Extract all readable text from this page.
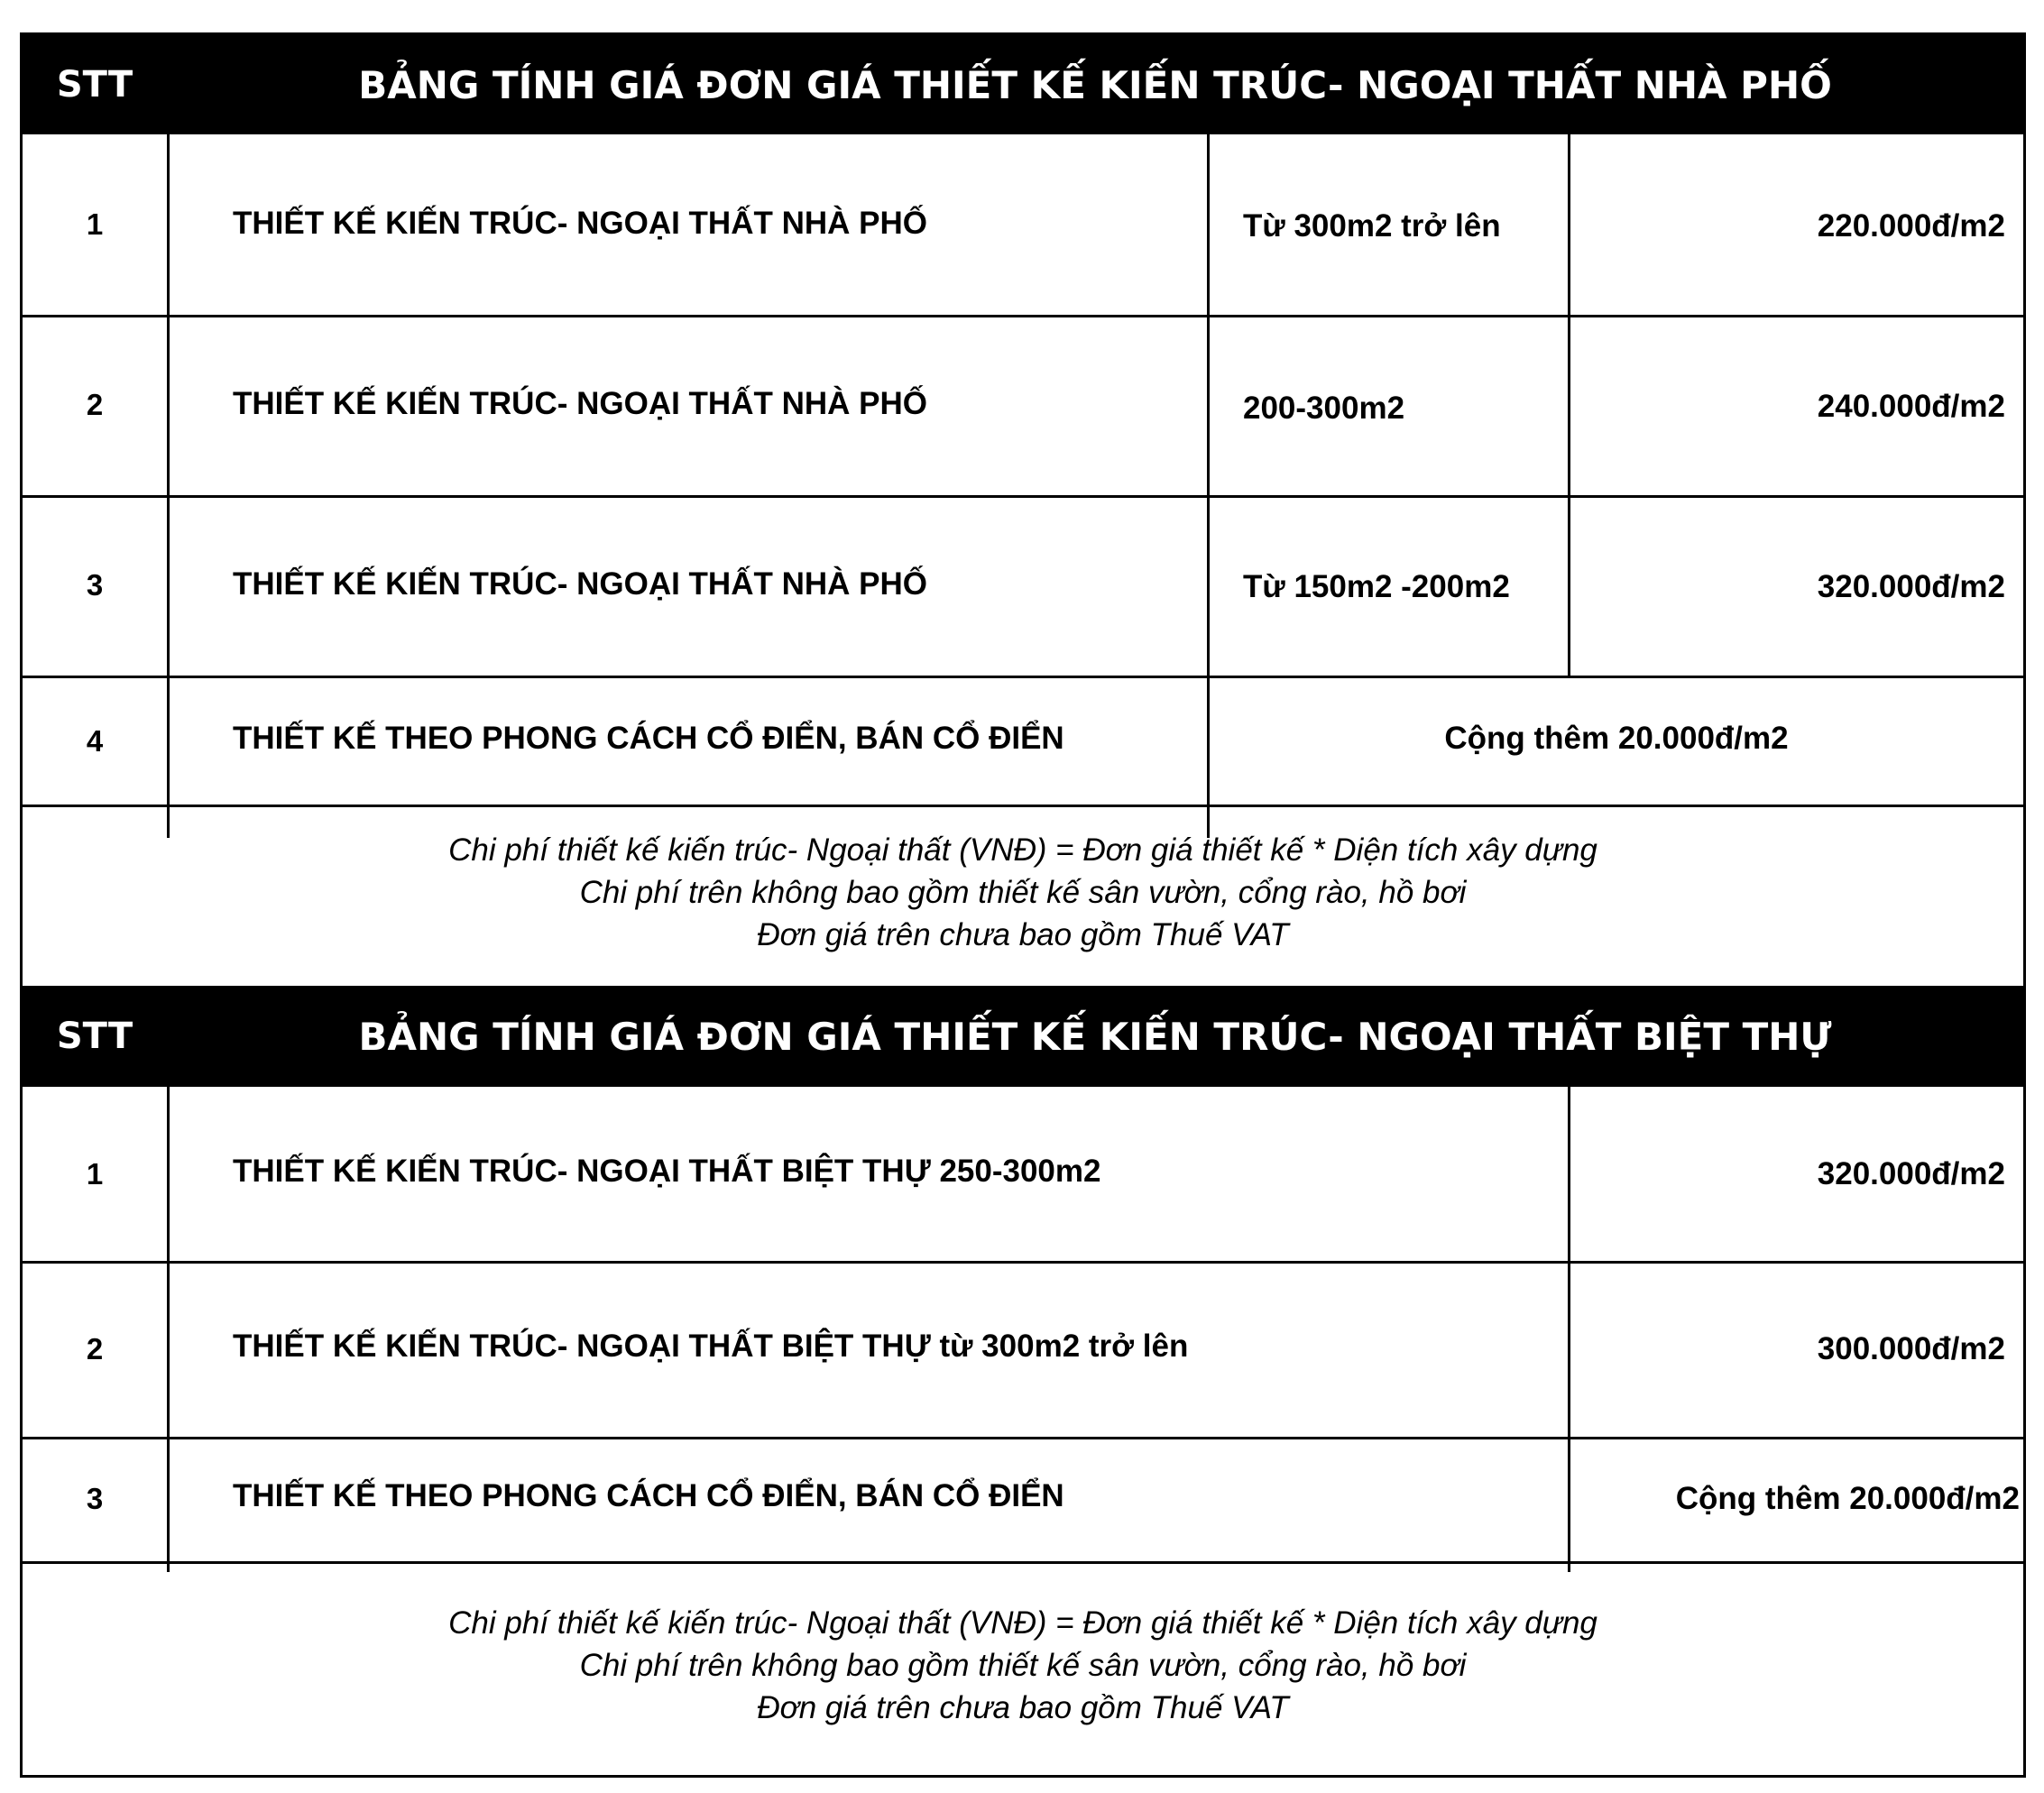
STT	BẢNG TÍNH GIÁ ĐƠN GIÁ THIẾT KẾ KIẾN TRÚC- NGOẠI THẤT NHÀ PHỐ
1	THIẾT KẾ KIẾN TRÚC- NGOẠI THẤT NHÀ PHỐ	Từ 300m2 trở lên	220.000đ/m2
2	THIẾT KẾ KIẾN TRÚC- NGOẠI THẤT NHÀ PHỐ	200-300m2	240.000đ/m2
3	THIẾT KẾ KIẾN TRÚC- NGOẠI THẤT NHÀ PHỐ	Từ 150m2 -200m2	320.000đ/m2
4	THIẾT KẾ THEO PHONG CÁCH CỔ ĐIỂN, BÁN CỔ ĐIỂN	Cộng thêm 20.000đ/m2
Chi phí thiết kế kiến trúc- Ngoại thất (VNĐ) = Đơn giá thiết kế * Diện tích xây dựng
Chi phí trên không bao gồm thiết kế sân vườn, cổng rào, hồ bơi
Đơn giá trên chưa bao gồm Thuế VAT
STT	BẢNG TÍNH GIÁ ĐƠN GIÁ THIẾT KẾ KIẾN TRÚC- NGOẠI THẤT BIỆT THỰ
1	THIẾT KẾ KIẾN TRÚC- NGOẠI THẤT BIỆT THỰ 250-300m2	320.000đ/m2
2	THIẾT KẾ KIẾN TRÚC- NGOẠI THẤT BIỆT THỰ từ 300m2 trở lên	300.000đ/m2
3	THIẾT KẾ THEO PHONG CÁCH CỔ ĐIỂN, BÁN CỔ ĐIỂN	Cộng thêm 20.000đ/m2
Chi phí thiết kế kiến trúc- Ngoại thất (VNĐ) = Đơn giá thiết kế * Diện tích xây dựng
Chi phí trên không bao gồm thiết kế sân vườn, cổng rào, hồ bơi
Đơn giá trên chưa bao gồm Thuế VAT
